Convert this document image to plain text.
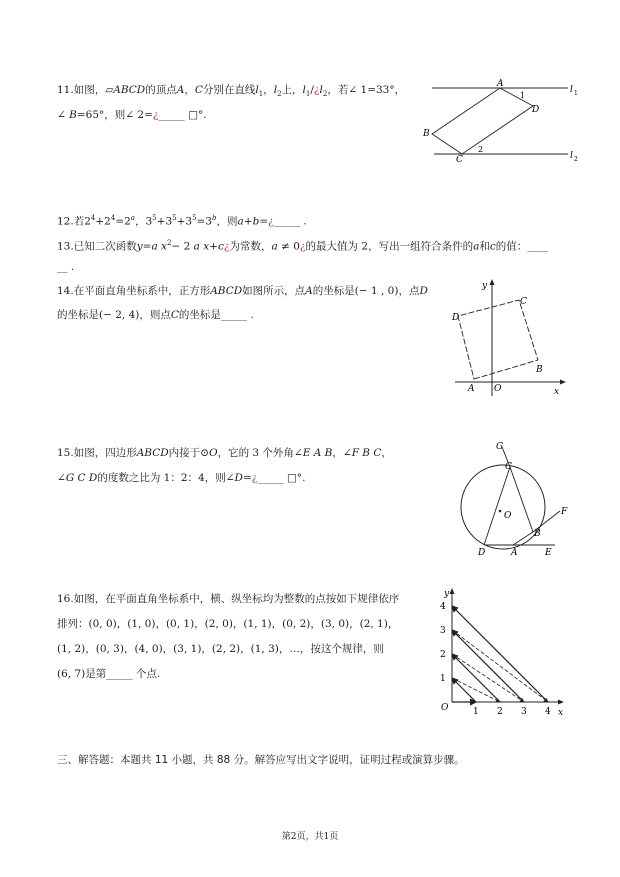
11.如图，▱ABCD的顶点A，C分别在直线$l_1$，$l_2$上，$l_1/¿l_2$，若∠ 1=33°，
∠ B=65°，则∠ 2=¿_____ □°.
A
D
B
C
1
2
l 1
l 2
12.若$2^4+2^4=2^a$，$3^5+3^5+3^5=3^b$，则a+b=¿_____ .
13.已知二次函数y=a $x^2- 2$ a x+c¿为常数，a ≠ 0¿的最大值为 2，写出一组符合条件的a和c的值：____
__ .
14.在平面直角坐标系中，正方形ABCD如图所示，点A的坐标是(− 1 , 0)，点D
的坐标是(− 2, 4)，则点C的坐标是_____ .
y
x
O
A
B
C
D
15.如图，四边形ABCD内接于⊙O，它的 3 个外角∠E A B，∠F B C，
∠G C D的度数之比为 1：2：4，则∠D=¿_____ □°.
G
C
O	F
B
D	A	E
16.如图，在平面直角坐标系中，横、纵坐标均为整数的点按如下规律依序
排列：(0, 0)，(1, 0)，(0, 1)，(2, 0)，(1, 1)，(0, 2)，(3, 0)，(2, 1)，
(1, 2)，(0, 3)，(4, 0)，(3, 1)，(2, 2)，(1, 3)，…，按这个规律，则
(6, 7)是第_____ 个点.
y
x
O
1
2
3
4
1 2 3 4
三、解答题：本题共 11 小题，共 88 分。解答应写出文字说明，证明过程或演算步骤。
第2页，共1页
